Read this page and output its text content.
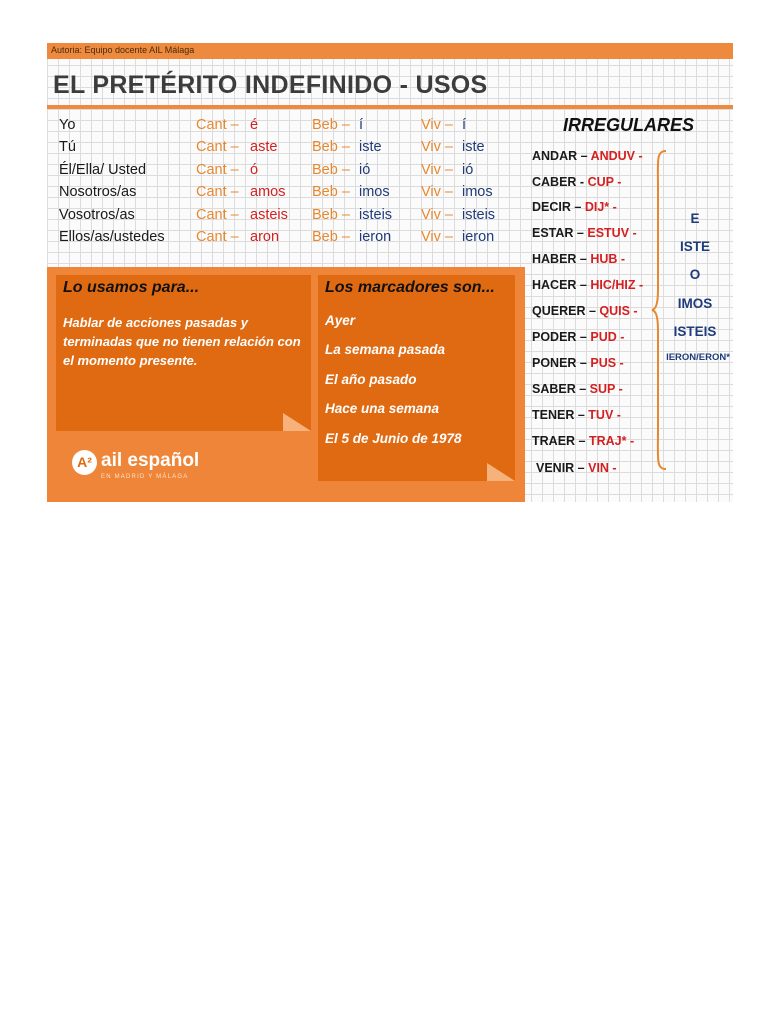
Autoria: Equipo docente AIL Málaga
EL PRETÉRITO INDEFINIDO - USOS
Yo	Cant – é	Beb – í	Viv – í
Tú	Cant – aste Beb – iste	Viv – iste
Él/Ella/ Usted	Cant – ó	Beb – ió	Viv – ió
Nosotros/as	Cant – amos Beb – imos Viv – imos
Vosotros/as	Cant – asteis Beb – isteis Viv – isteis
Ellos/as/ustedes Cant – aron Beb – ieron Viv – ieron
Lo usamos para...
Hablar de acciones pasadas y terminadas que no tienen relación con el momento presente.
Los marcadores son...
Ayer
La semana pasada
El año pasado
Hace una semana
El 5 de Junio de 1978
A² ail español
EN MADRID Y MÁLAGA
IRREGULARES
ANDAR – ANDUV -
CABER - CUP -
DECIR – DIJ* -
ESTAR – ESTUV -
HABER – HUB -
HACER – HIC/HIZ -
QUERER – QUIS -
PODER – PUD -
PONER – PUS -
SABER – SUP -
TENER – TUV -
TRAER – TRAJ* -
VENIR – VIN -
E
ISTE
O
IMOS
ISTEIS
IERON/ERON*
